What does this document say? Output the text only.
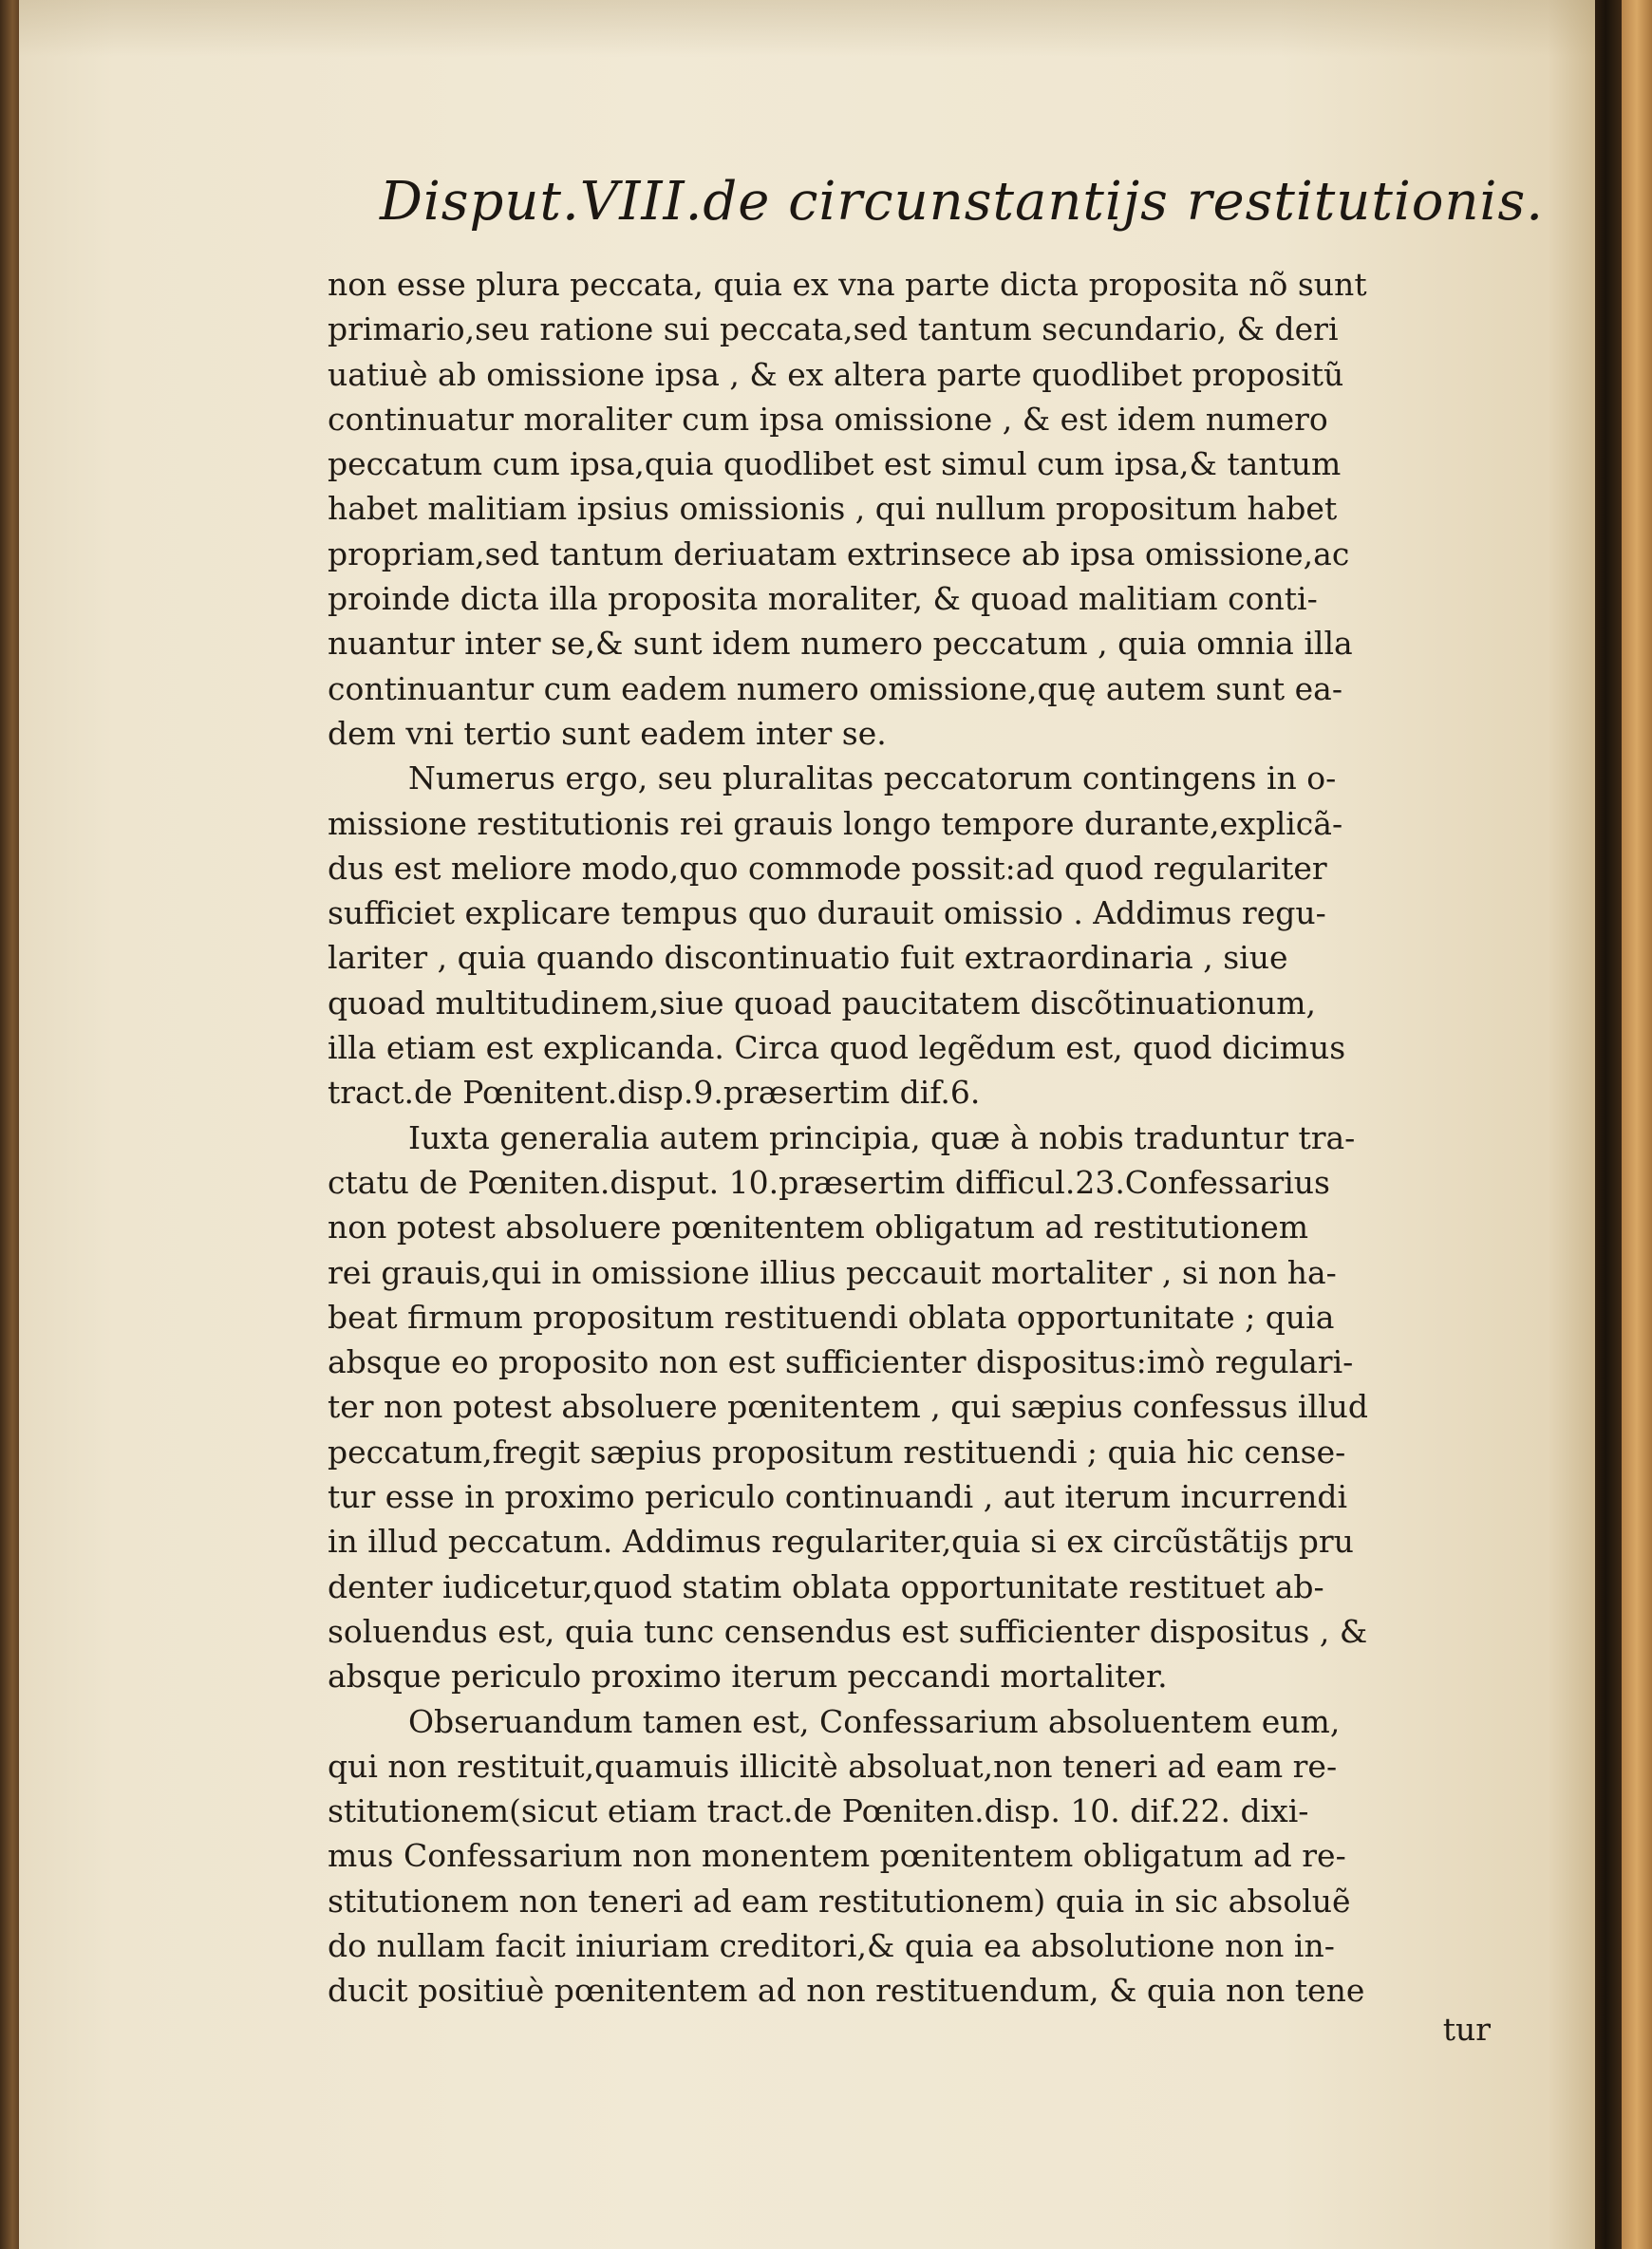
Disput.VIII.de circunstantijs restitutionis.
non esse plura peccata, quia ex vna parte dicta proposita nõ sunt
primario,seu ratione sui peccata,sed tantum secundario, & deri
uatiuè ab omissione ipsa , & ex altera parte quodlibet propositũ
continuatur moraliter cum ipsa omissione , & est idem numero
peccatum cum ipsa,quia quodlibet est simul cum ipsa,& tantum
habet malitiam ipsius omissionis , qui nullum propositum habet
propriam,sed tantum deriuatam extrinsece ab ipsa omissione,ac
proinde dicta illa proposita moraliter, & quoad malitiam conti-
nuantur inter se,& sunt idem numero peccatum , quia omnia illa
continuantur cum eadem numero omissione,quę autem sunt ea-
dem vni tertio sunt eadem inter se.
Numerus ergo, seu pluralitas peccatorum contingens in o-
missione restitutionis rei grauis longo tempore durante,explicã-
dus est meliore modo,quo commode possit:ad quod regulariter
sufficiet explicare tempus quo durauit omissio . Addimus regu-
lariter , quia quando discontinuatio fuit extraordinaria , siue
quoad multitudinem,siue quoad paucitatem discõtinuationum,
illa etiam est explicanda. Circa quod legẽdum est, quod dicimus
tract.de Pœnitent.disp.9.præsertim dif.6.
Iuxta generalia autem principia, quæ à nobis traduntur tra-
ctatu de Pœniten.disput. 10.præsertim difficul.23.Confessarius
non potest absoluere pœnitentem obligatum ad restitutionem
rei grauis,qui in omissione illius peccauit mortaliter , si non ha-
beat firmum propositum restituendi oblata opportunitate ; quia
absque eo proposito non est sufficienter dispositus:imò regulari-
ter non potest absoluere pœnitentem , qui sæpius confessus illud
peccatum,fregit sæpius propositum restituendi ; quia hic cense-
tur esse in proximo periculo continuandi , aut iterum incurrendi
in illud peccatum. Addimus regulariter,quia si ex circũstãtijs pru
denter iudicetur,quod statim oblata opportunitate restituet ab-
soluendus est, quia tunc censendus est sufficienter dispositus , &
absque periculo proximo iterum peccandi mortaliter.
Obseruandum tamen est, Confessarium absoluentem eum,
qui non restituit,quamuis illicitè absoluat,non teneri ad eam re-
stitutionem(sicut etiam tract.de Pœniten.disp. 10. dif.22. dixi-
mus Confessarium non monentem pœnitentem obligatum ad re-
stitutionem non teneri ad eam restitutionem) quia in sic absoluẽ
do nullam facit iniuriam creditori,& quia ea absolutione non in-
ducit positiuè pœnitentem ad non restituendum, & quia non tene
tur
